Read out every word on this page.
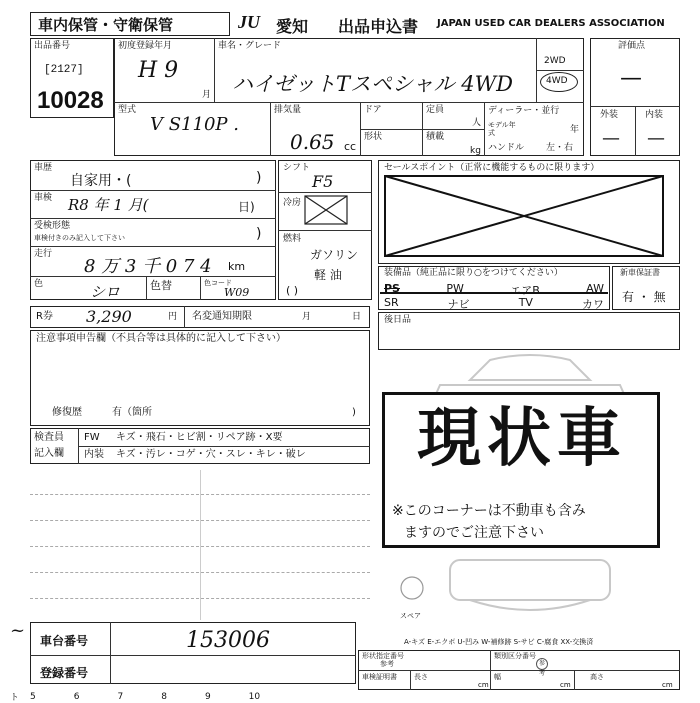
車内保管・守衛保管	JU 愛知 出品申込書 JAPAN USED CAR DEALERS ASSOCIATION
出品番号
[2127]
10028
初度登録年月
H 9
月
車名・グレード
ハイゼットTスペシャル 4WD
2WD
4WD
型式
V S110P .
排気量
0.65 cc
ドア	定員
人
形状	積載
kg
ディーラー・並行
モデル年式	年
ハンドル 左・右
評価点
—
外装	内装
— —
車歴
自家用・(	)
車検 R8 年 1 月(	日)
受検形態
車検付きのみ記入して下さい	)
走行
8 万 3 千 0 7 4 km
色	シロ	色替	色コード
W09
シフト
F5
冷房
燃料
ガソリン
軽 油
( )
セールスポイント（正常に機能するものに限ります）
装備品（純正品に限り○をつけてください）
PS	PW	エアB	AW
SR	ナビ	TV	カワ
新車保証書
有 ・ 無
R券 3,290	円 名変通知期限	月	日	後日品
注意事項申告欄（不具合等は具体的に記入して下さい）
修復歴	有（箇所	)
検査員
記入欄
FW キズ・飛石・ヒビ割・リペア跡・X要
内装 キズ・汚レ・コゲ・穴・スレ・キレ・破レ
スペア
A-キズ E-エクボ U-凹み W-補修跡 S-サビ C-腐食 XX-交換済
現状車
※このコーナーは不動車も含み
ますのでご注意下さい
車台番号	153006
登録番号
~
形状指定番号
参考
類別区分番号
参考
車検証明書 長さ
cm
幅
cm
高さ
cm
5	6	7	8	9	10
ト
